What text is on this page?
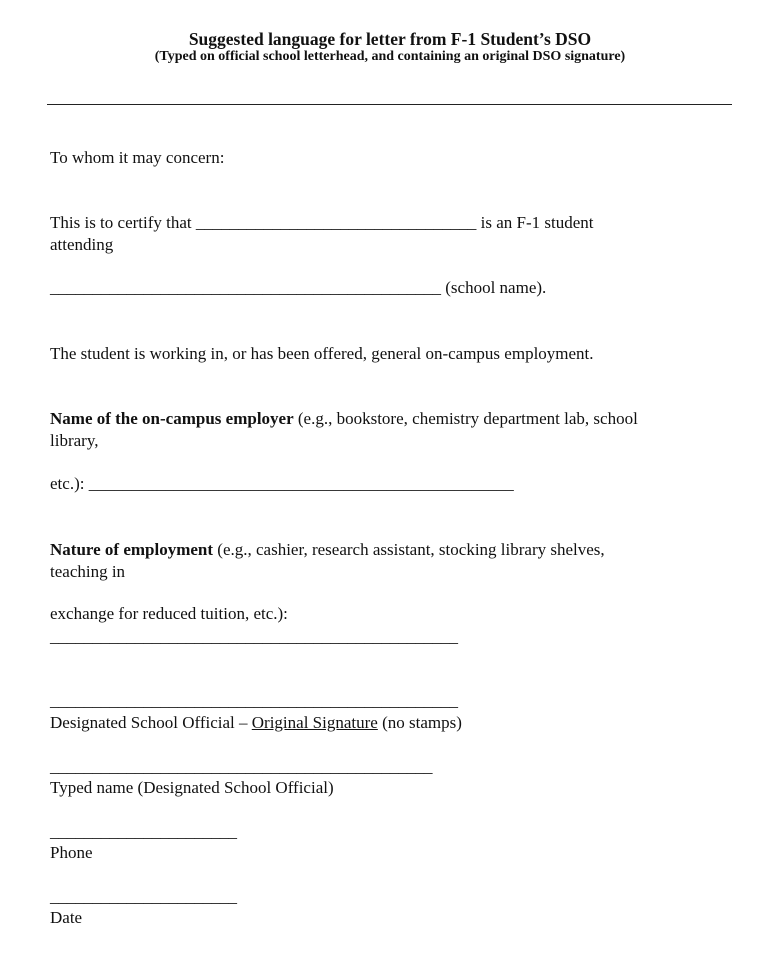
Suggested language for letter from F-1 Student’s DSO
(Typed on official school letterhead, and containing an original DSO signature)
To whom it may concern:
This is to certify that _________________________________ is an F-1 student
attending
______________________________________________ (school name).
The student is working in, or has been offered, general on-campus employment.
Name of the on-campus employer (e.g., bookstore, chemistry department lab, school
library,
etc.): __________________________________________________
Nature of employment (e.g., cashier, research assistant, stocking library shelves,
teaching in
exchange for reduced tuition, etc.):
________________________________________________
________________________________________________
Designated School Official – Original Signature (no stamps)
_____________________________________________
Typed name (Designated School Official)
______________________
Phone
______________________
Date
